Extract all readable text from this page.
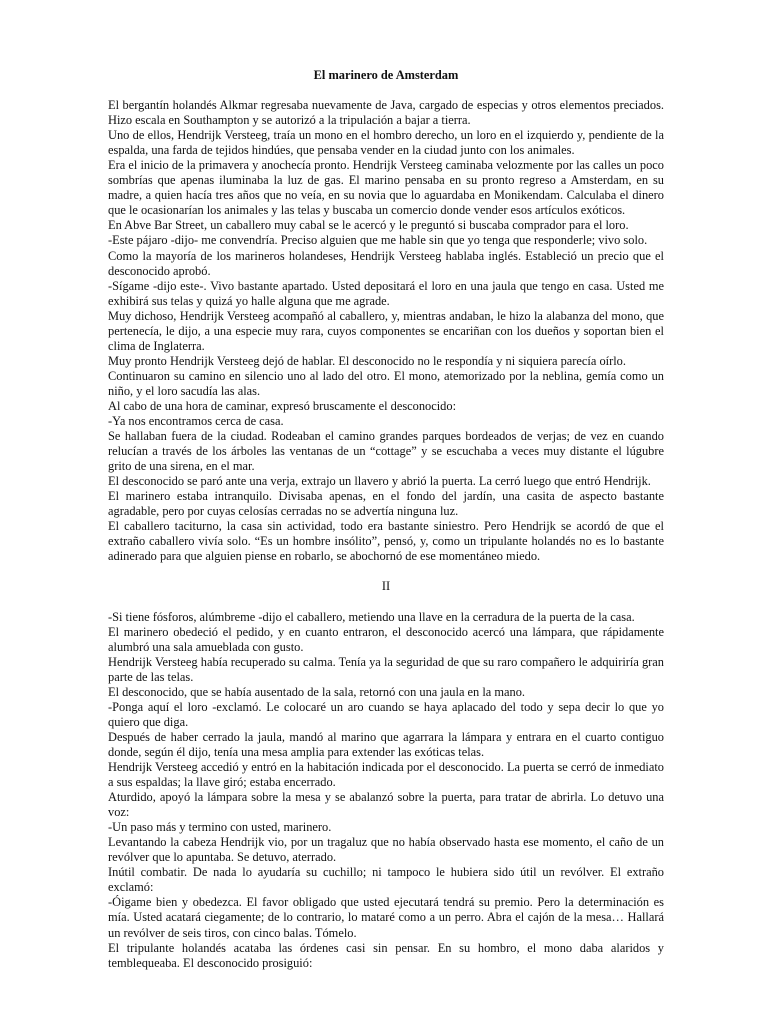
El marinero de Amsterdam

El bergantín holandés Alkmar regresaba nuevamente de Java, cargado de especias y otros elementos preciados. Hizo escala en Southampton y se autorizó a la tripulación a bajar a tierra.

Uno de ellos, Hendrijk Versteeg, traía un mono en el hombro derecho, un loro en el izquierdo y, pendiente de la espalda, una farda de tejidos hindúes, que pensaba vender en la ciudad junto con los animales.

Era el inicio de la primavera y anochecía pronto. Hendrijk Versteeg caminaba velozmente por las calles un poco sombrías que apenas iluminaba la luz de gas. El marino pensaba en su pronto regreso a Amsterdam, en su madre, a quien hacía tres años que no veía, en su novia que lo aguardaba en Monikendam. Calculaba el dinero que le ocasionarían los animales y las telas y buscaba un comercio donde vender esos artículos exóticos.

En Abve Bar Street, un caballero muy cabal se le acercó y le preguntó si buscaba comprador para el loro.

-Este pájaro -dijo- me convendría. Preciso alguien que me hable sin que yo tenga que responderle; vivo solo.

Como la mayoría de los marineros holandeses, Hendrijk Versteeg hablaba inglés. Estableció un precio que el desconocido aprobó.

-Sígame -dijo este-. Vivo bastante apartado. Usted depositará el loro en una jaula que tengo en casa. Usted me exhibirá sus telas y quizá yo halle alguna que me agrade.

Muy dichoso, Hendrijk Versteeg acompañó al caballero, y, mientras andaban, le hizo la alabanza del mono, que pertenecía, le dijo, a una especie muy rara, cuyos componentes se encariñan con los dueños y soportan bien el clima de Inglaterra.

Muy pronto Hendrijk Versteeg dejó de hablar. El desconocido no le respondía y ni siquiera parecía oírlo.

Continuaron su camino en silencio uno al lado del otro. El mono, atemorizado por la neblina, gemía como un niño, y el loro sacudía las alas.

Al cabo de una hora de caminar, expresó bruscamente el desconocido:

-Ya nos encontramos cerca de casa.

Se hallaban fuera de la ciudad. Rodeaban el camino grandes parques bordeados de verjas; de vez en cuando relucían a través de los árboles las ventanas de un “cottage” y se escuchaba a veces muy distante el lúgubre grito de una sirena, en el mar.

El desconocido se paró ante una verja, extrajo un llavero y abrió la puerta. La cerró luego que entró Hendrijk.

El marinero estaba intranquilo. Divisaba apenas, en el fondo del jardín, una casita de aspecto bastante agradable, pero por cuyas celosías cerradas no se advertía ninguna luz.

El caballero taciturno, la casa sin actividad, todo era bastante siniestro. Pero Hendrijk se acordó de que el extraño caballero vivía solo. “Es un hombre insólito”, pensó, y, como un tripulante holandés no es lo bastante adinerado para que alguien piense en robarlo, se abochornó de ese momentáneo miedo.

II

-Si tiene fósforos, alúmbreme -dijo el caballero, metiendo una llave en la cerradura de la puerta de la casa.

El marinero obedeció el pedido, y en cuanto entraron, el desconocido acercó una lámpara, que rápidamente alumbró una sala amueblada con gusto.

Hendrijk Versteeg había recuperado su calma. Tenía ya la seguridad de que su raro compañero le adquiriría gran parte de las telas.

El desconocido, que se había ausentado de la sala, retornó con una jaula en la mano.

-Ponga aquí el loro -exclamó. Le colocaré un aro cuando se haya aplacado del todo y sepa decir lo que yo quiero que diga.

Después de haber cerrado la jaula, mandó al marino que agarrara la lámpara y entrara en el cuarto contiguo donde, según él dijo, tenía una mesa amplia para extender las exóticas telas.

Hendrijk Versteeg accedió y entró en la habitación indicada por el desconocido. La puerta se cerró de inmediato a sus espaldas; la llave giró; estaba encerrado.

Aturdido, apoyó la lámpara sobre la mesa y se abalanzó sobre la puerta, para tratar de abrirla. Lo detuvo una voz:

-Un paso más y termino con usted, marinero.

Levantando la cabeza Hendrijk vio, por un tragaluz que no había observado hasta ese momento, el caño de un revólver que lo apuntaba. Se detuvo, aterrado.

Inútil combatir. De nada lo ayudaría su cuchillo; ni tampoco le hubiera sido útil un revólver. El extraño exclamó:

-Óigame bien y obedezca. El favor obligado que usted ejecutará tendrá su premio. Pero la determinación es mía. Usted acatará ciegamente; de lo contrario, lo mataré como a un perro. Abra el cajón de la mesa… Hallará un revólver de seis tiros, con cinco balas. Tómelo.

El tripulante holandés acataba las órdenes casi sin pensar. En su hombro, el mono daba alaridos y temblequeaba. El desconocido prosiguió:
